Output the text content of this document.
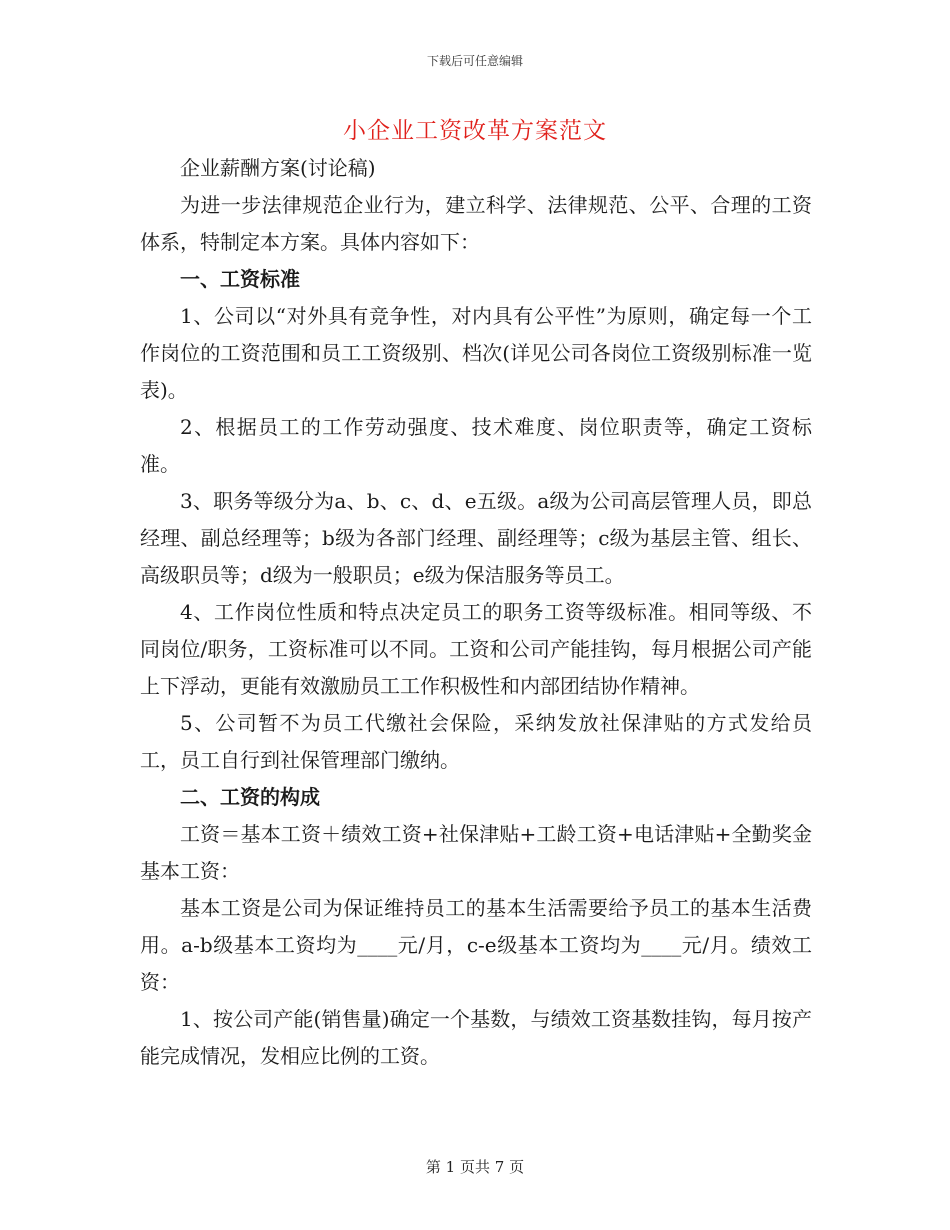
下载后可任意编辑
小企业工资改革方案范文

企业薪酬方案(讨论稿)

为进一步法律规范企业行为，建立科学、法律规范、公平、合理的工资体系，特制定本方案。具体内容如下：

一、工资标准

1、公司以“对外具有竞争性，对内具有公平性”为原则，确定每一个工作岗位的工资范围和员工工资级别、档次(详见公司各岗位工资级别标准一览表)。

2、根据员工的工作劳动强度、技术难度、岗位职责等，确定工资标准。

3、职务等级分为a、b、c、d、e五级。a级为公司高层管理人员，即总经理、副总经理等；b级为各部门经理、副经理等；c级为基层主管、组长、高级职员等；d级为一般职员；e级为保洁服务等员工。

4、工作岗位性质和特点决定员工的职务工资等级标准。相同等级、不同岗位/职务，工资标准可以不同。工资和公司产能挂钩，每月根据公司产能上下浮动，更能有效激励员工工作积极性和内部团结协作精神。

5、公司暂不为员工代缴社会保险，采纳发放社保津贴的方式发给员工，员工自行到社保管理部门缴纳。

二、工资的构成

工资＝基本工资＋绩效工资+社保津贴+工龄工资+电话津贴+全勤奖金基本工资：

基本工资是公司为保证维持员工的基本生活需要给予员工的基本生活费用。a-b级基本工资均为____元/月，c-e级基本工资均为____元/月。绩效工资：

1、按公司产能(销售量)确定一个基数，与绩效工资基数挂钩，每月按产能完成情况，发相应比例的工资。

第 1 页共 7 页
